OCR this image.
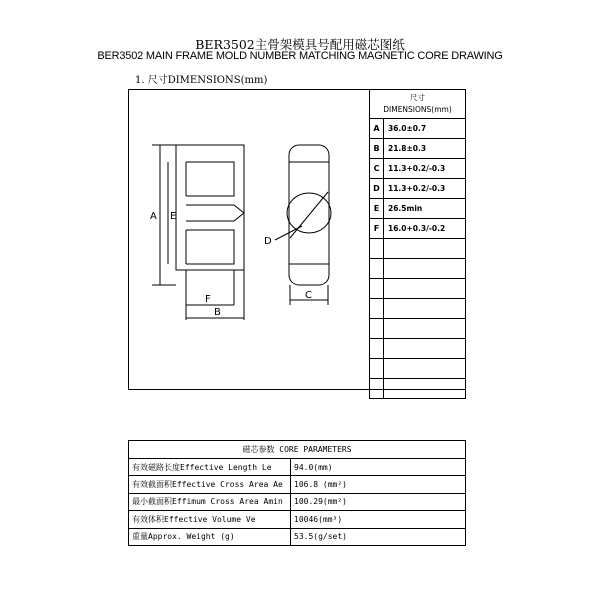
BER3502主骨架模具号配用磁芯图纸
BER3502 MAIN FRAME MOLD NUMBER MATCHING MAGNETIC CORE DRAWING
1. 尺寸DIMENSIONS(mm)
A E
F
B
D
C
尺寸
DIMENSIONS(mm)	

A	36.0±0.7
B	21.8±0.3
C	11.3+0.2/-0.3
D	11.3+0.2/-0.3
E	26.5min
F	16.0+0.3/-0.2

磁芯参数 CORE PARAMETERS	
有效磁路长度Effective Length Le	94.0(mm)
有效截面积Effective Cross Area Ae	106.8 (mm²)
最小截面积Effimum Cross Area Amin	100.29(mm²)
有效体积Effective Volume Ve	10046(mm³)
重量Approx. Weight (g)	53.5(g/set)
